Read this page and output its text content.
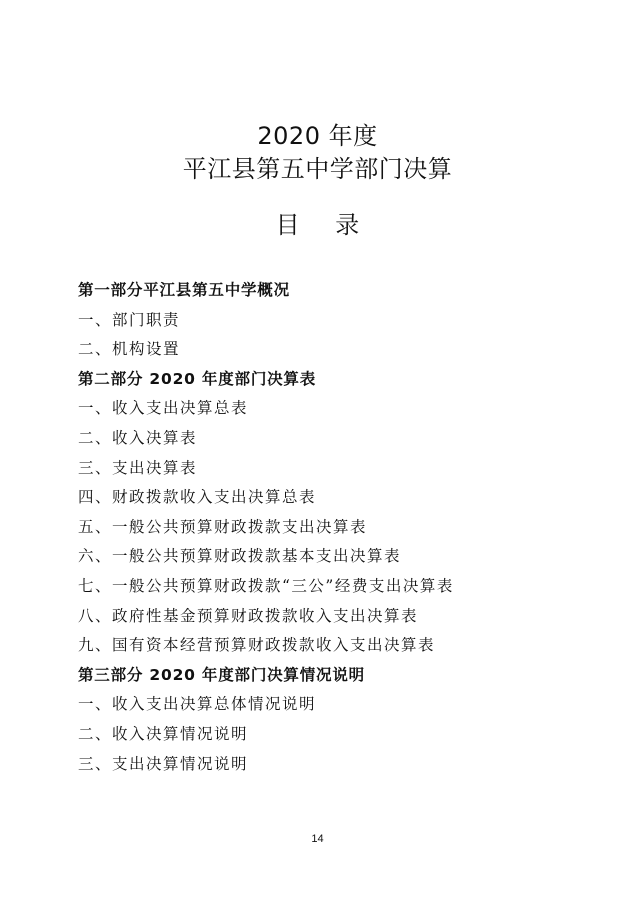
2020 年度
平江县第五中学部门决算
目 录
第一部分平江县第五中学概况
一、部门职责
二、机构设置
第二部分 2020 年度部门决算表
一、收入支出决算总表
二、收入决算表
三、支出决算表
四、财政拨款收入支出决算总表
五、一般公共预算财政拨款支出决算表
六、一般公共预算财政拨款基本支出决算表
七、一般公共预算财政拨款“三公”经费支出决算表
八、政府性基金预算财政拨款收入支出决算表
九、国有资本经营预算财政拨款收入支出决算表
第三部分 2020 年度部门决算情况说明
一、收入支出决算总体情况说明
二、收入决算情况说明
三、支出决算情况说明
14
